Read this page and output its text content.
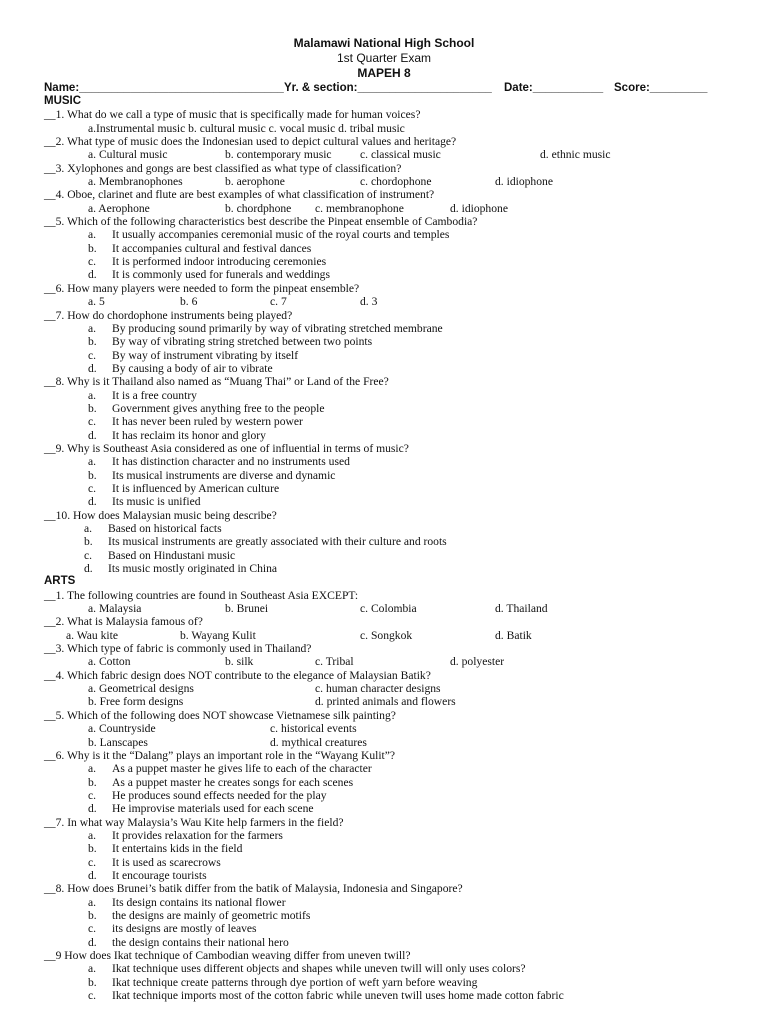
Malamawi National High School
1st Quarter Exam
MAPEH 8
Name:________________________________ Yr. & section:_____________________ Date:___________ Score:_________
MUSIC
__1. What do we call a type of music that is specifically made for human voices?
a.Instrumental music b. cultural music c. vocal music d. tribal music
__2. What type of music does the Indonesian used to depict cultural values and heritage?
a. Cultural music	b. contemporary music c. classical music	d. ethnic music
__3. Xylophones and gongs are best classified as what type of classification?
a. Membranophones	b. aerophone	c. chordophone	d. idiophone
__4. Oboe, clarinet and flute are best examples of what classification of instrument?
a. Aerophone	b. chordphone c. membranophone	d. idiophone
__5. Which of the following characteristics best describe the Pinpeat ensemble of Cambodia?
a. It usually accompanies ceremonial music of the royal courts and temples
b. It accompanies cultural and festival dances
c. It is performed indoor introducing ceremonies
d. It is commonly used for funerals and weddings
__6. How many players were needed to form the pinpeat ensemble?
a. 5	b. 6	c. 7	d. 3
__7. How do chordophone instruments being played?
a. By producing sound primarily by way of vibrating stretched membrane
b. By way of vibrating string stretched between two points
c. By way of instrument vibrating by itself
d. By causing a body of air to vibrate
__8. Why is it Thailand also named as “Muang Thai” or Land of the Free?
a. It is a free country
b. Government gives anything free to the people
c. It has never been ruled by western power
d. It has reclaim its honor and glory
__9. Why is Southeast Asia considered as one of influential in terms of music?
a. It has distinction character and no instruments used
b. Its musical instruments are diverse and dynamic
c. It is influenced by American culture
d. Its music is unified
__10. How does Malaysian music being describe?
a. Based on historical facts
b. Its musical instruments are greatly associated with their culture and roots
c. Based on Hindustani music
d. Its music mostly originated in China
ARTS
__1. The following countries are found in Southeast Asia EXCEPT:
a. Malaysia	b. Brunei	c. Colombia	d. Thailand
__2. What is Malaysia famous of?
a. Wau kite	b. Wayang Kulit	c. Songkok	d. Batik
__3. Which type of fabric is commonly used in Thailand?
a. Cotton	b. silk	c. Tribal	d. polyester
__4. Which fabric design does NOT contribute to the elegance of Malaysian Batik?
a. Geometrical designs	c. human character designs
b. Free form designs	d. printed animals and flowers
__5. Which of the following does NOT showcase Vietnamese silk painting?
a. Countryside	c. historical events
b. Lanscapes	d. mythical creatures
__6. Why is it the “Dalang” plays an important role in the “Wayang Kulit”?
a. As a puppet master he gives life to each of the character
b. As a puppet master he creates songs for each scenes
c. He produces sound effects needed for the play
d. He improvise materials used for each scene
__7. In what way Malaysia’s Wau Kite help farmers in the field?
a. It provides relaxation for the farmers
b. It entertains kids in the field
c. It is used as scarecrows
d. It encourage tourists
__8. How does Brunei’s batik differ from the batik of Malaysia, Indonesia and Singapore?
a. Its design contains its national flower
b. the designs are mainly of geometric motifs
c. its designs are mostly of leaves
d. the design contains their national hero
__9 How does Ikat technique of Cambodian weaving differ from uneven twill?
a. Ikat technique uses different objects and shapes while uneven twill will only uses colors?
b. Ikat technique create patterns through dye portion of weft yarn before weaving
c. Ikat technique imports most of the cotton fabric while uneven twill uses home made cotton fabric
